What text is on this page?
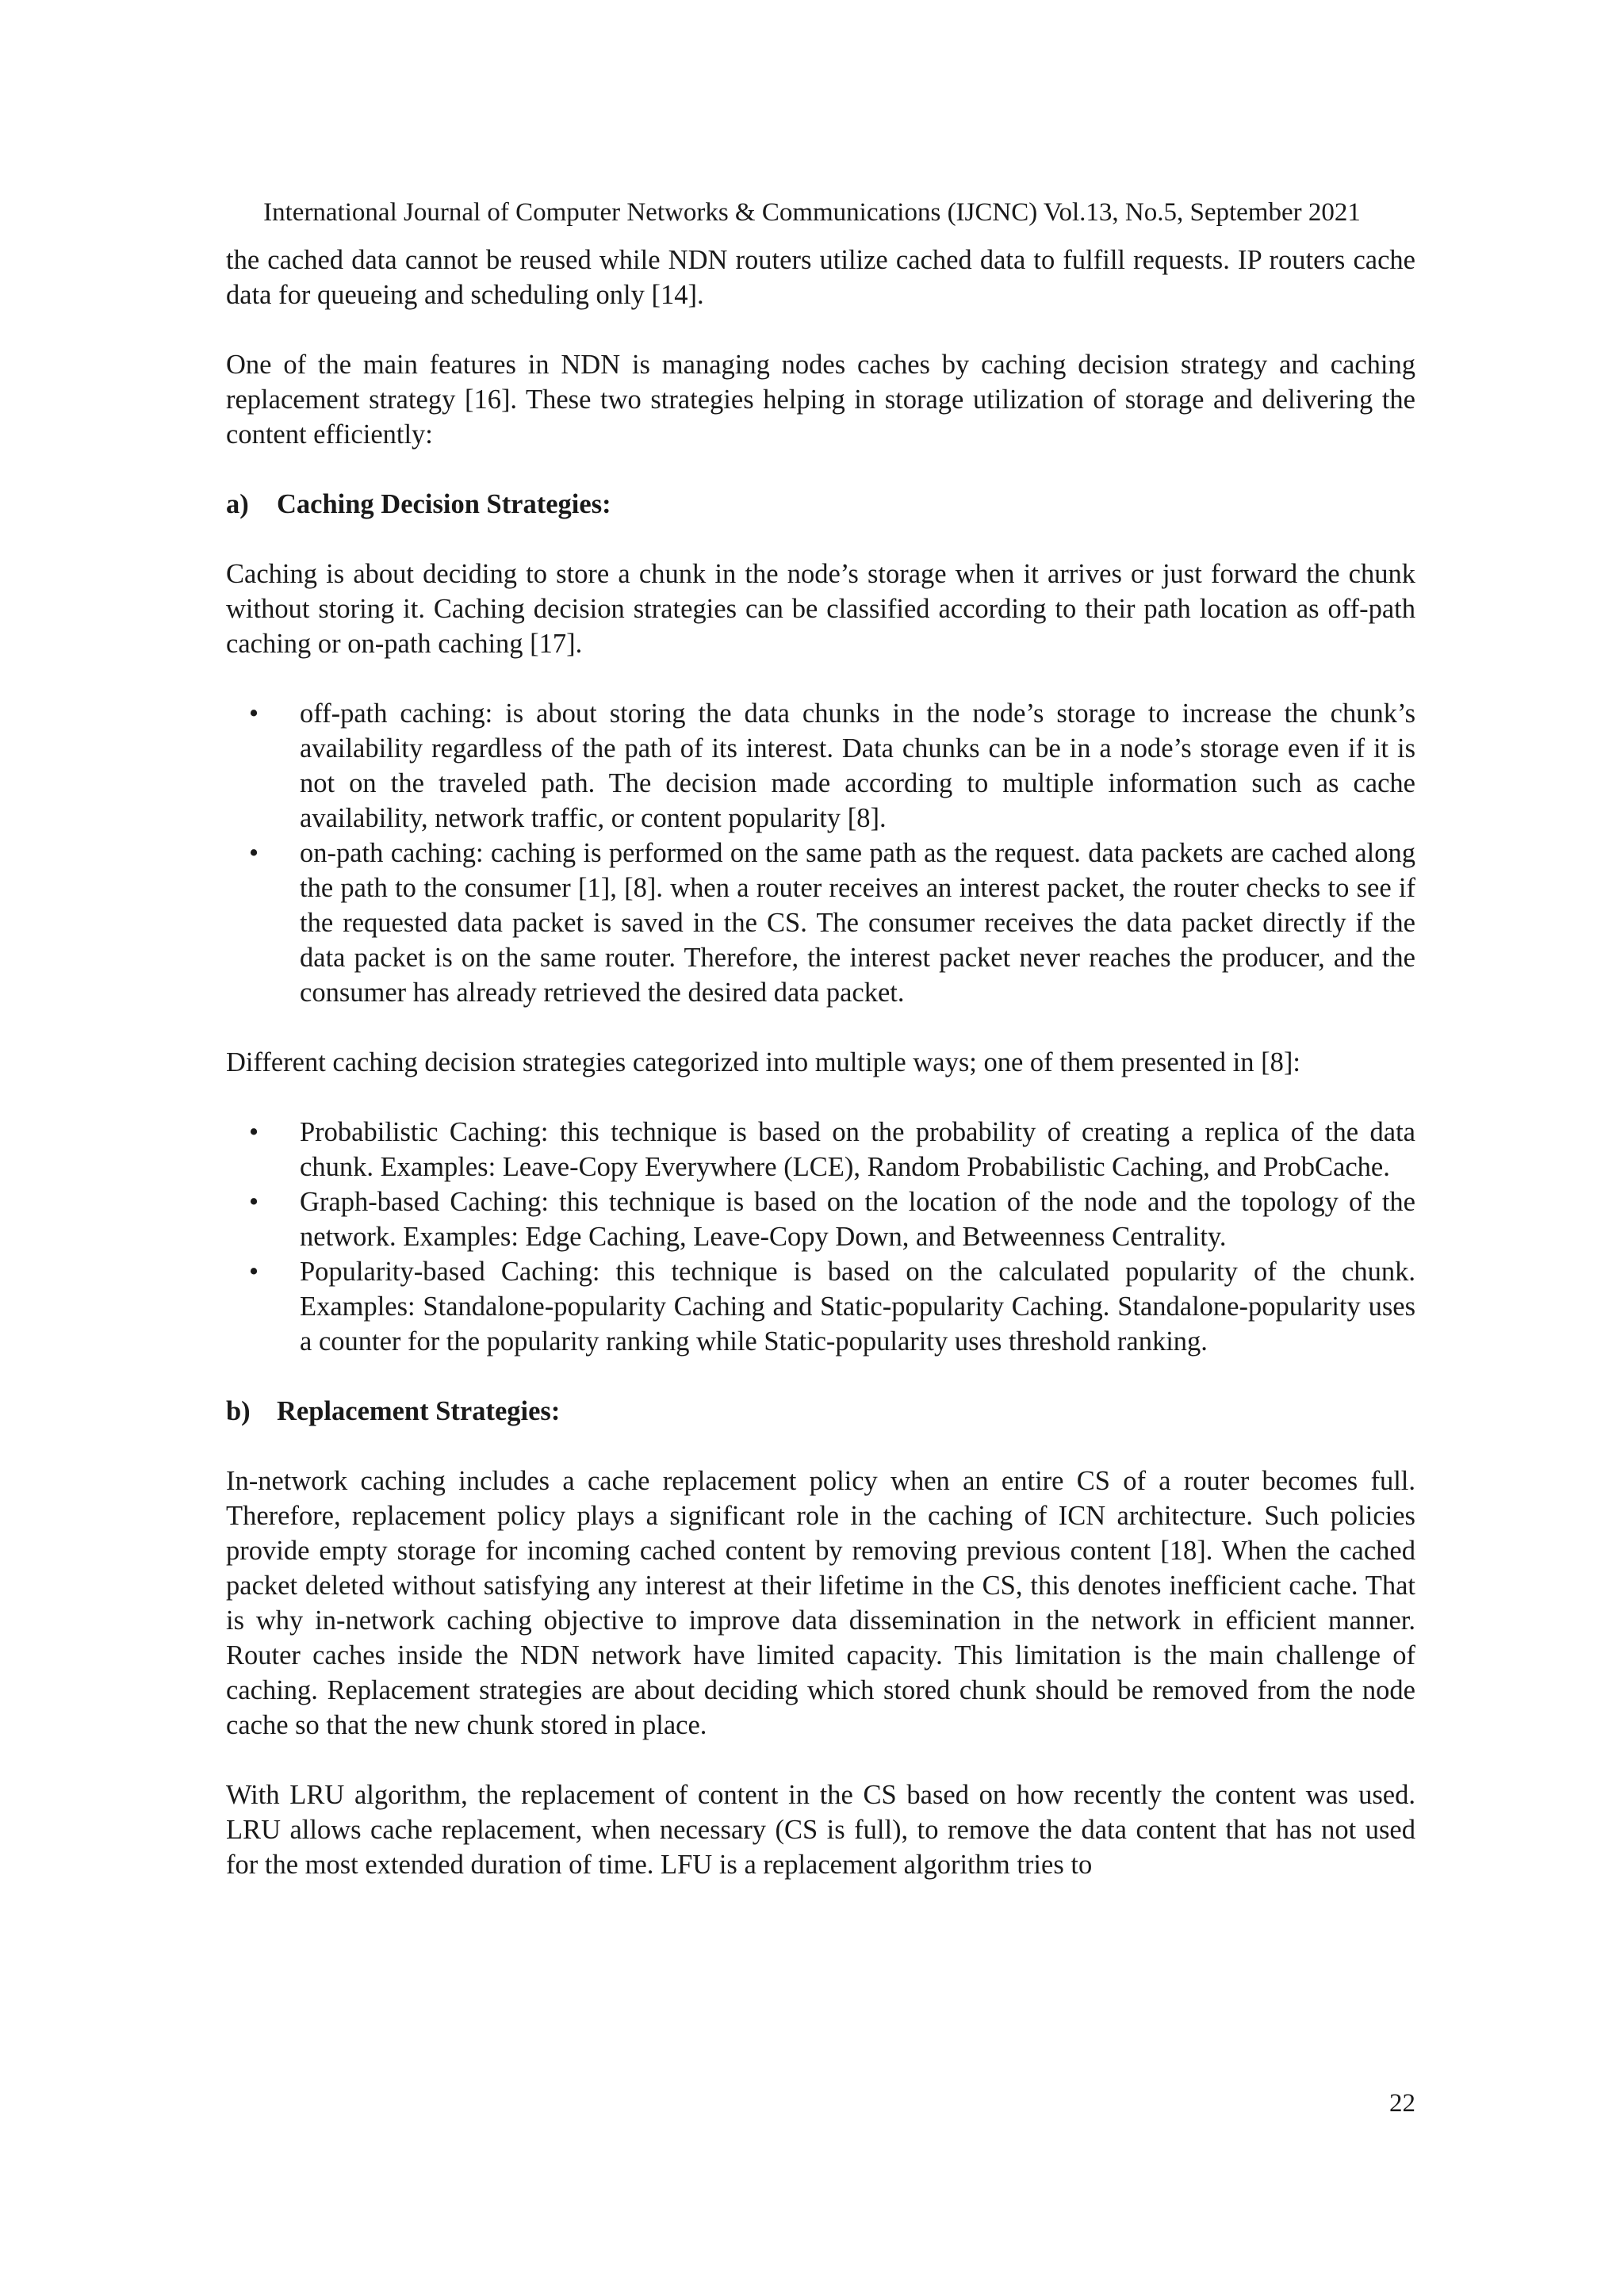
International Journal of Computer Networks & Communications (IJCNC) Vol.13, No.5, September 2021

the cached data cannot be reused while NDN routers utilize cached data to fulfill requests. IP routers cache data for queueing and scheduling only [14].

One of the main features in NDN is managing nodes caches by caching decision strategy and caching replacement strategy [16]. These two strategies helping in storage utilization of storage and delivering the content efficiently:

a) Caching Decision Strategies:

Caching is about deciding to store a chunk in the node’s storage when it arrives or just forward the chunk without storing it. Caching decision strategies can be classified according to their path location as off-path caching or on-path caching [17].

• off-path caching: is about storing the data chunks in the node’s storage to increase the chunk’s availability regardless of the path of its interest. Data chunks can be in a node’s storage even if it is not on the traveled path. The decision made according to multiple information such as cache availability, network traffic, or content popularity [8].
• on-path caching: caching is performed on the same path as the request. data packets are cached along the path to the consumer [1], [8]. when a router receives an interest packet, the router checks to see if the requested data packet is saved in the CS. The consumer receives the data packet directly if the data packet is on the same router. Therefore, the interest packet never reaches the producer, and the consumer has already retrieved the desired data packet.

Different caching decision strategies categorized into multiple ways; one of them presented in [8]:

• Probabilistic Caching: this technique is based on the probability of creating a replica of the data chunk. Examples: Leave-Copy Everywhere (LCE), Random Probabilistic Caching, and ProbCache.
• Graph-based Caching: this technique is based on the location of the node and the topology of the network. Examples: Edge Caching, Leave-Copy Down, and Betweenness Centrality.
• Popularity-based Caching: this technique is based on the calculated popularity of the chunk. Examples: Standalone-popularity Caching and Static-popularity Caching. Standalone-popularity uses a counter for the popularity ranking while Static-popularity uses threshold ranking.
b) Replacement Strategies:

In-network caching includes a cache replacement policy when an entire CS of a router becomes full. Therefore, replacement policy plays a significant role in the caching of ICN architecture. Such policies provide empty storage for incoming cached content by removing previous content [18]. When the cached packet deleted without satisfying any interest at their lifetime in the CS, this denotes inefficient cache. That is why in-network caching objective to improve data dissemination in the network in efficient manner. Router caches inside the NDN network have limited capacity. This limitation is the main challenge of caching. Replacement strategies are about deciding which stored chunk should be removed from the node cache so that the new chunk stored in place.

With LRU algorithm, the replacement of content in the CS based on how recently the content was used. LRU allows cache replacement, when necessary (CS is full), to remove the data content that has not used for the most extended duration of time. LFU is a replacement algorithm tries to

22
